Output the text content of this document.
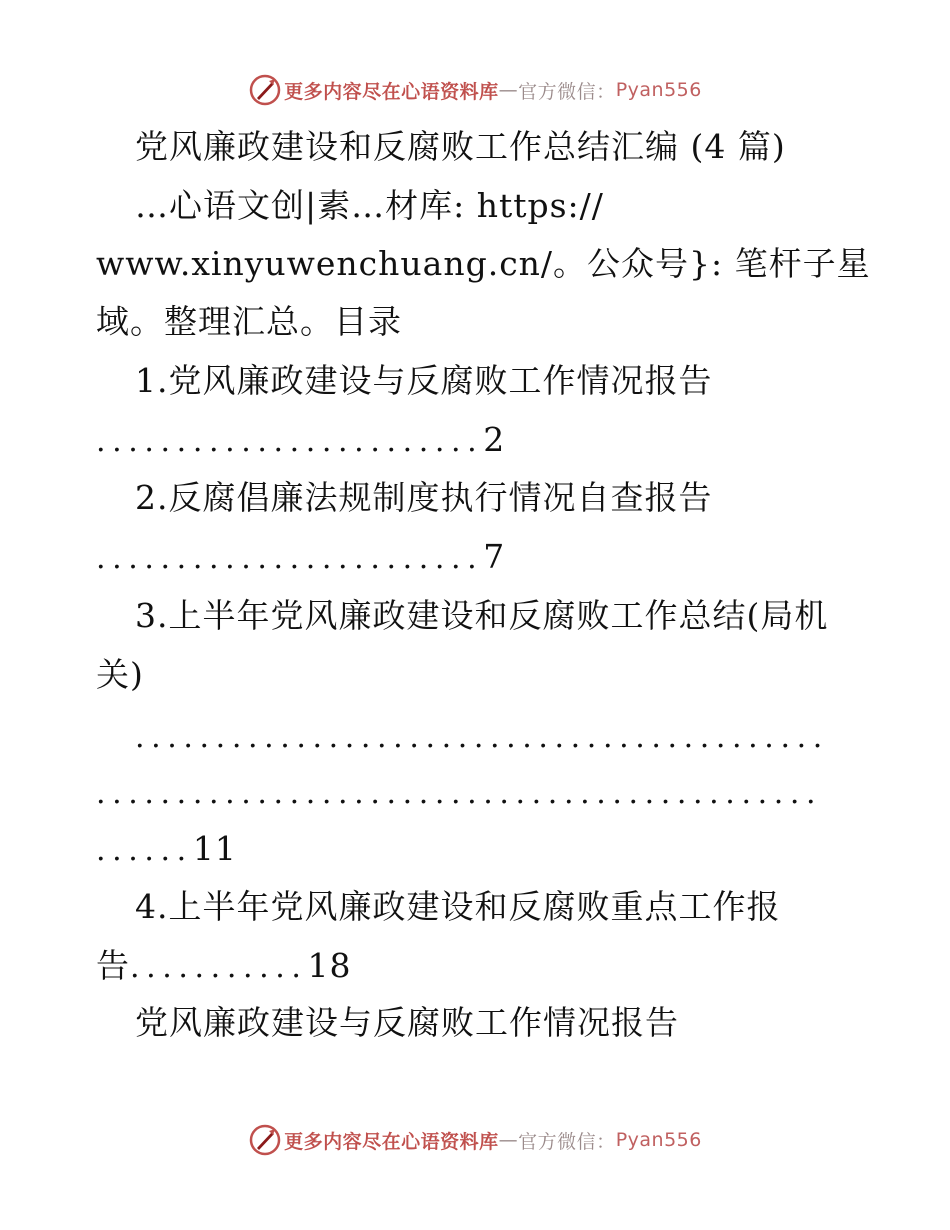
更多内容尽在心语资料库 — 官方微信： Pyan556
党风廉政建设和反腐败工作总结汇编 (4 篇)
…心语文创|素…材库: https://
www.xinyuwenchuang.cn/。公众号}: 笔杆子星
域。整理汇总。目录
1.党风廉政建设与反腐败工作情况报告
........................2
2.反腐倡廉法规制度执行情况自查报告
........................7
3.上半年党风廉政建设和反腐败工作总结(局机
关)
...........................................
.............................................
......11
4.上半年党风廉政建设和反腐败重点工作报
告...........18
党风廉政建设与反腐败工作情况报告
更多内容尽在心语资料库 — 官方微信： Pyan556
